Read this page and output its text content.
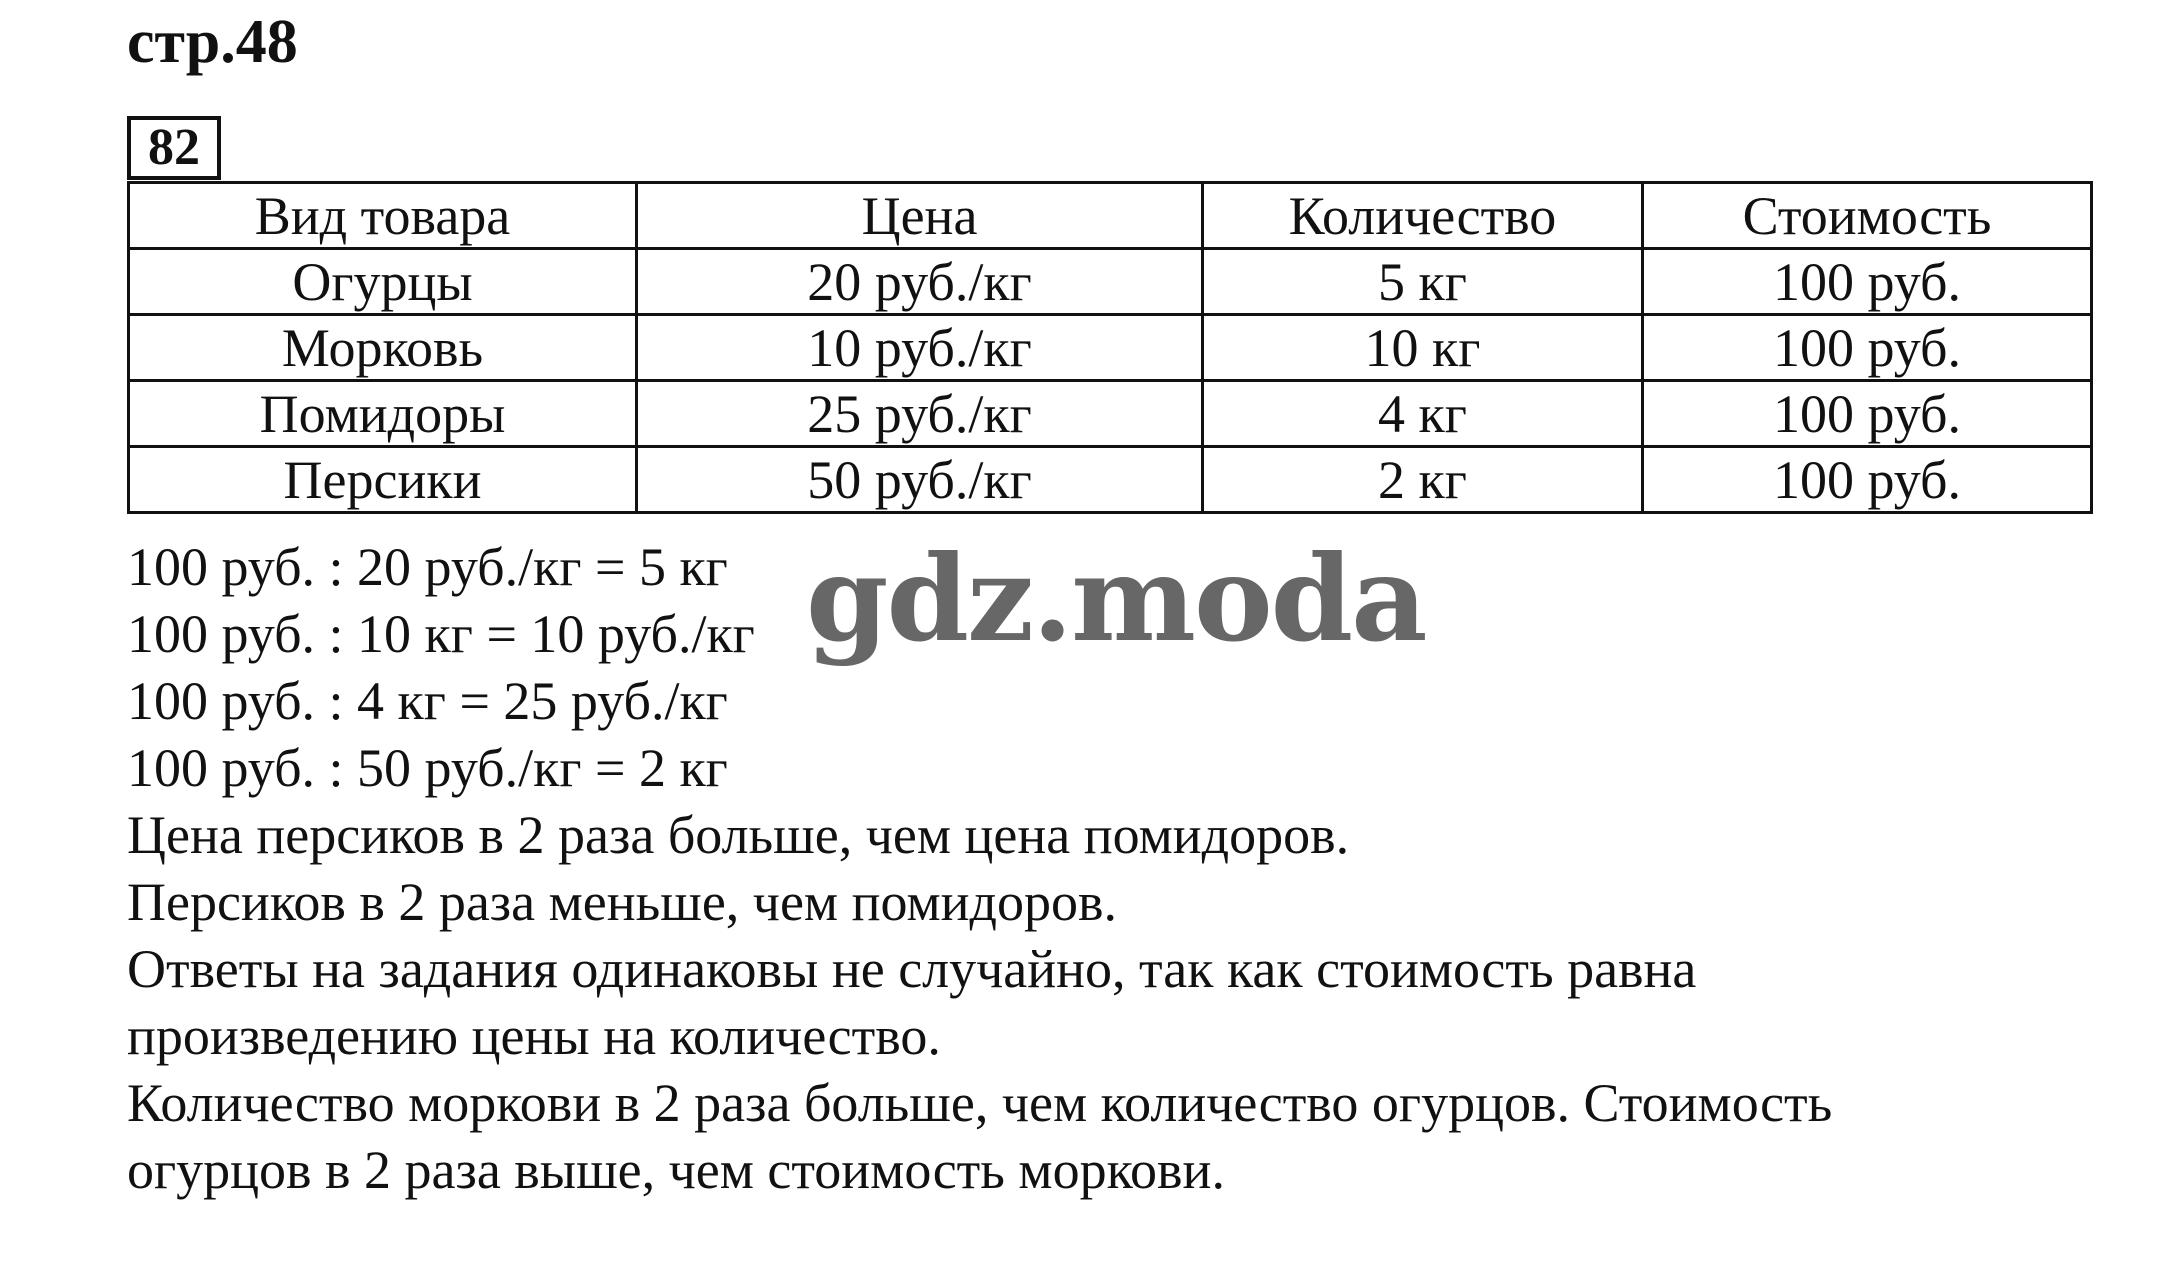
стр.48
82
Вид товара	Цена	Количество	Стоимость
Огурцы	20 руб./кг	5 кг	100 руб.
Морковь	10 руб./кг	10 кг	100 руб.
Помидоры	25 руб./кг	4 кг	100 руб.
Персики	50 руб./кг	2 кг	100 руб.
100 руб. : 20 руб./кг = 5 кг
100 руб. : 10 кг = 10 руб./кг
100 руб. : 4 кг = 25 руб./кг
100 руб. : 50 руб./кг = 2 кг
Цена персиков в 2 раза больше, чем цена помидоров.
Персиков в 2 раза меньше, чем помидоров.
Ответы на задания одинаковы не случайно, так как стоимость равна
произведению цены на количество.
Количество моркови в 2 раза больше, чем количество огурцов. Стоимость
огурцов в 2 раза выше, чем стоимость моркови.
gdz.moda
